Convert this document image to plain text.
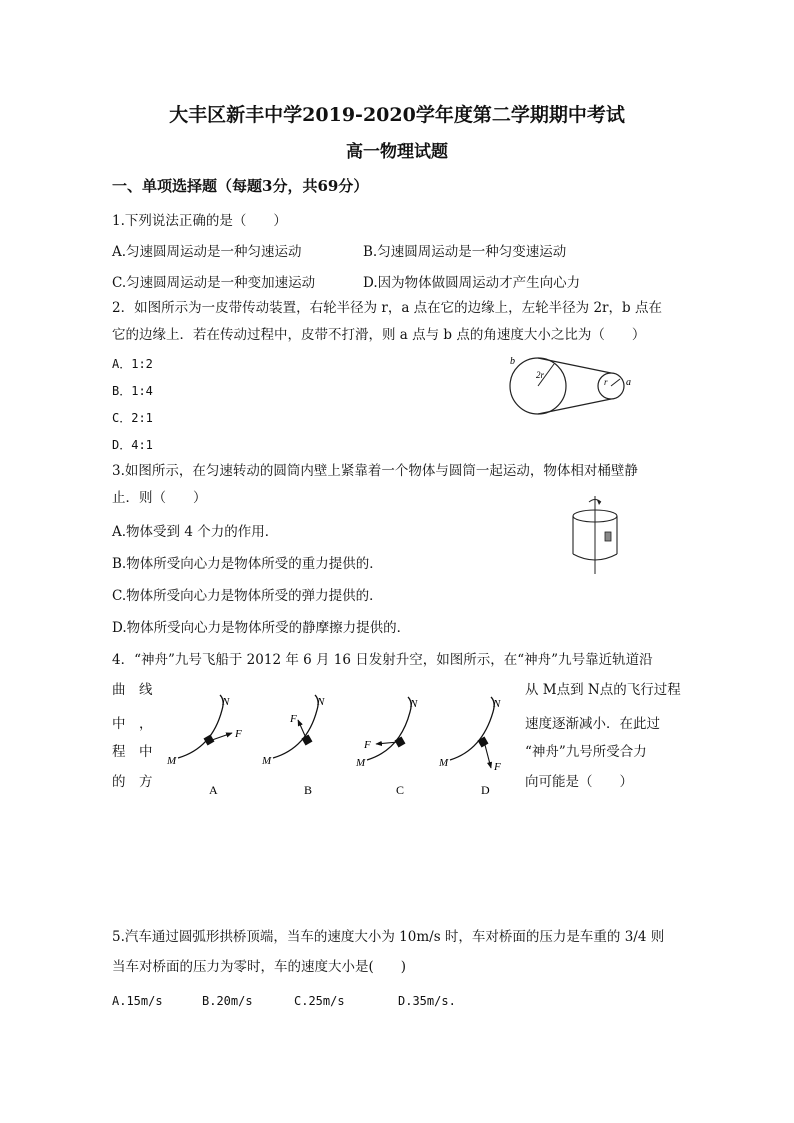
大丰区新丰中学2019-2020学年度第二学期期中考试
高一物理试题
一、单项选择题（每题3分，共69分）
1.下列说法正确的是（　　）
A.匀速圆周运动是一种匀速运动	B.匀速圆周运动是一种匀变速运动
C.匀速圆周运动是一种变加速运动	D.因为物体做圆周运动才产生向心力
2．如图所示为一皮带传动装置，右轮半径为 r，a 点在它的边缘上，左轮半径为 2r，b 点在
它的边缘上．若在传动过程中，皮带不打滑，则 a 点与 b 点的角速度大小之比为（　　）
A．1:2
B．1:4
C．2:1
D．4:1
b
2r
r a
3.如图所示，在匀速转动的圆筒内壁上紧靠着一个物体与圆筒一起运动，物体相对桶壁静
止．则（　　）
A.物体受到 4 个力的作用．
B.物体所受向心力是物体所受的重力提供的．
C.物体所受向心力是物体所受的弹力提供的．
D.物体所受向心力是物体所受的静摩擦力提供的．
4．“神舟”九号飞船于 2012 年 6 月 16 日发射升空，如图所示，在“神舟”九号靠近轨道沿
曲　线
中　，
程　中
的　方
从 M点到 N点的飞行过程
速度逐渐减小．在此过
“神舟”九号所受合力
向可能是（　　）
M
N
F
A
M
N
F
B
M
N
F
C
M
N
F
D
5.汽车通过圆弧形拱桥顶端，当车的速度大小为 10m/s 时，车对桥面的压力是车重的 3/4 则
当车对桥面的压力为零时，车的速度大小是(　　)
A.15m/s	B.20m/s	C.25m/s	D.35m/s.
